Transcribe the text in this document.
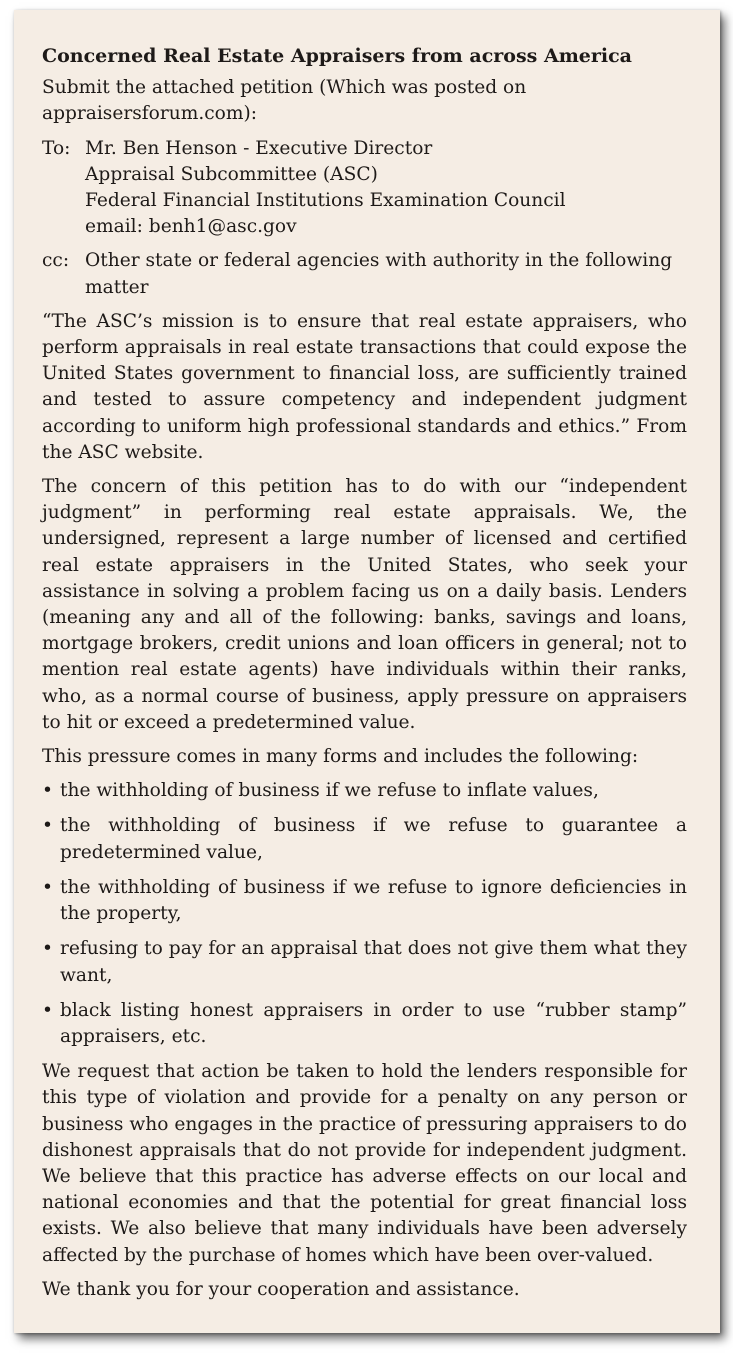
Concerned Real Estate Appraisers from across America

Submit the attached petition (Which was posted on appraisersforum.com):

To: Mr. Ben Henson - Executive Director
Appraisal Subcommittee (ASC)
Federal Financial Institutions Examination Council
email: benh1@asc.gov
cc: Other state or federal agencies with authority in the following matter

“The ASC’s mission is to ensure that real estate appraisers, who perform appraisals in real estate transactions that could expose the United States government to financial loss, are sufficiently trained and tested to assure competency and independent judgment according to uniform high professional standards and ethics.” From the ASC website.

The concern of this petition has to do with our “independent judgment” in performing real estate appraisals. We, the undersigned, represent a large number of licensed and certified real estate appraisers in the United States, who seek your assistance in solving a problem facing us on a daily basis. Lenders (meaning any and all of the following: banks, savings and loans, mortgage brokers, credit unions and loan officers in general; not to mention real estate agents) have individuals within their ranks, who, as a normal course of business, apply pressure on appraisers to hit or exceed a predetermined value.

This pressure comes in many forms and includes the following:

• the withholding of business if we refuse to inflate values,
• the withholding of business if we refuse to guarantee a predetermined value,
• the withholding of business if we refuse to ignore deficiencies in the property,
• refusing to pay for an appraisal that does not give them what they want,
• black listing honest appraisers in order to use “rubber stamp” appraisers, etc.

We request that action be taken to hold the lenders responsible for this type of violation and provide for a penalty on any person or business who engages in the practice of pressuring appraisers to do dishonest appraisals that do not provide for independent judgment. We believe that this practice has adverse effects on our local and national economies and that the potential for great financial loss exists. We also believe that many individuals have been adversely affected by the purchase of homes which have been over-valued.

We thank you for your cooperation and assistance.
